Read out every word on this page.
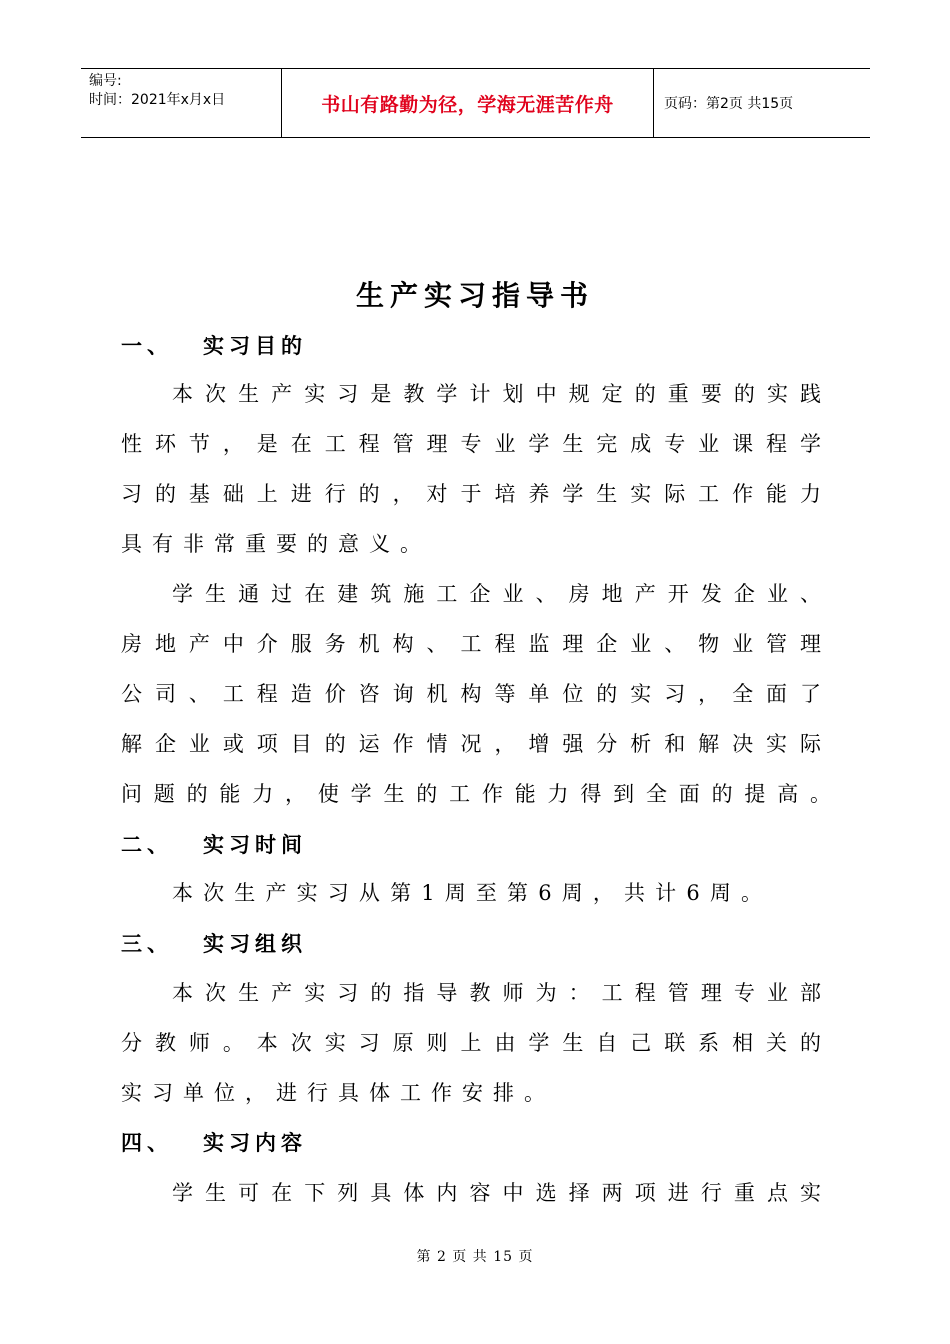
编号:
时间：2021年x月x日	书山有路勤为径，学海无涯苦作舟	页码：第2页 共15页
生产实习指导书
一、 实习目的
本次生产实习是教学计划中规定的重要的实践
性环节，是在工程管理专业学生完成专业课程学
习的基础上进行的，对于培养学生实际工作能力
具有非常重要的意义。
学生通过在建筑施工企业、房地产开发企业、
房地产中介服务机构、工程监理企业、物业管理
公司、工程造价咨询机构等单位的实习，全面了
解企业或项目的运作情况，增强分析和解决实际
问题的能力，使学生的工作能力得到全面的提高。
二、 实习时间
本次生产实习从第1周至第6周，共计6周。
三、 实习组织
本次生产实习的指导教师为：工程管理专业部
分教师。本次实习原则上由学生自己联系相关的
实习单位，进行具体工作安排。
四、 实习内容
学生可在下列具体内容中选择两项进行重点实
第 2 页 共 15 页
